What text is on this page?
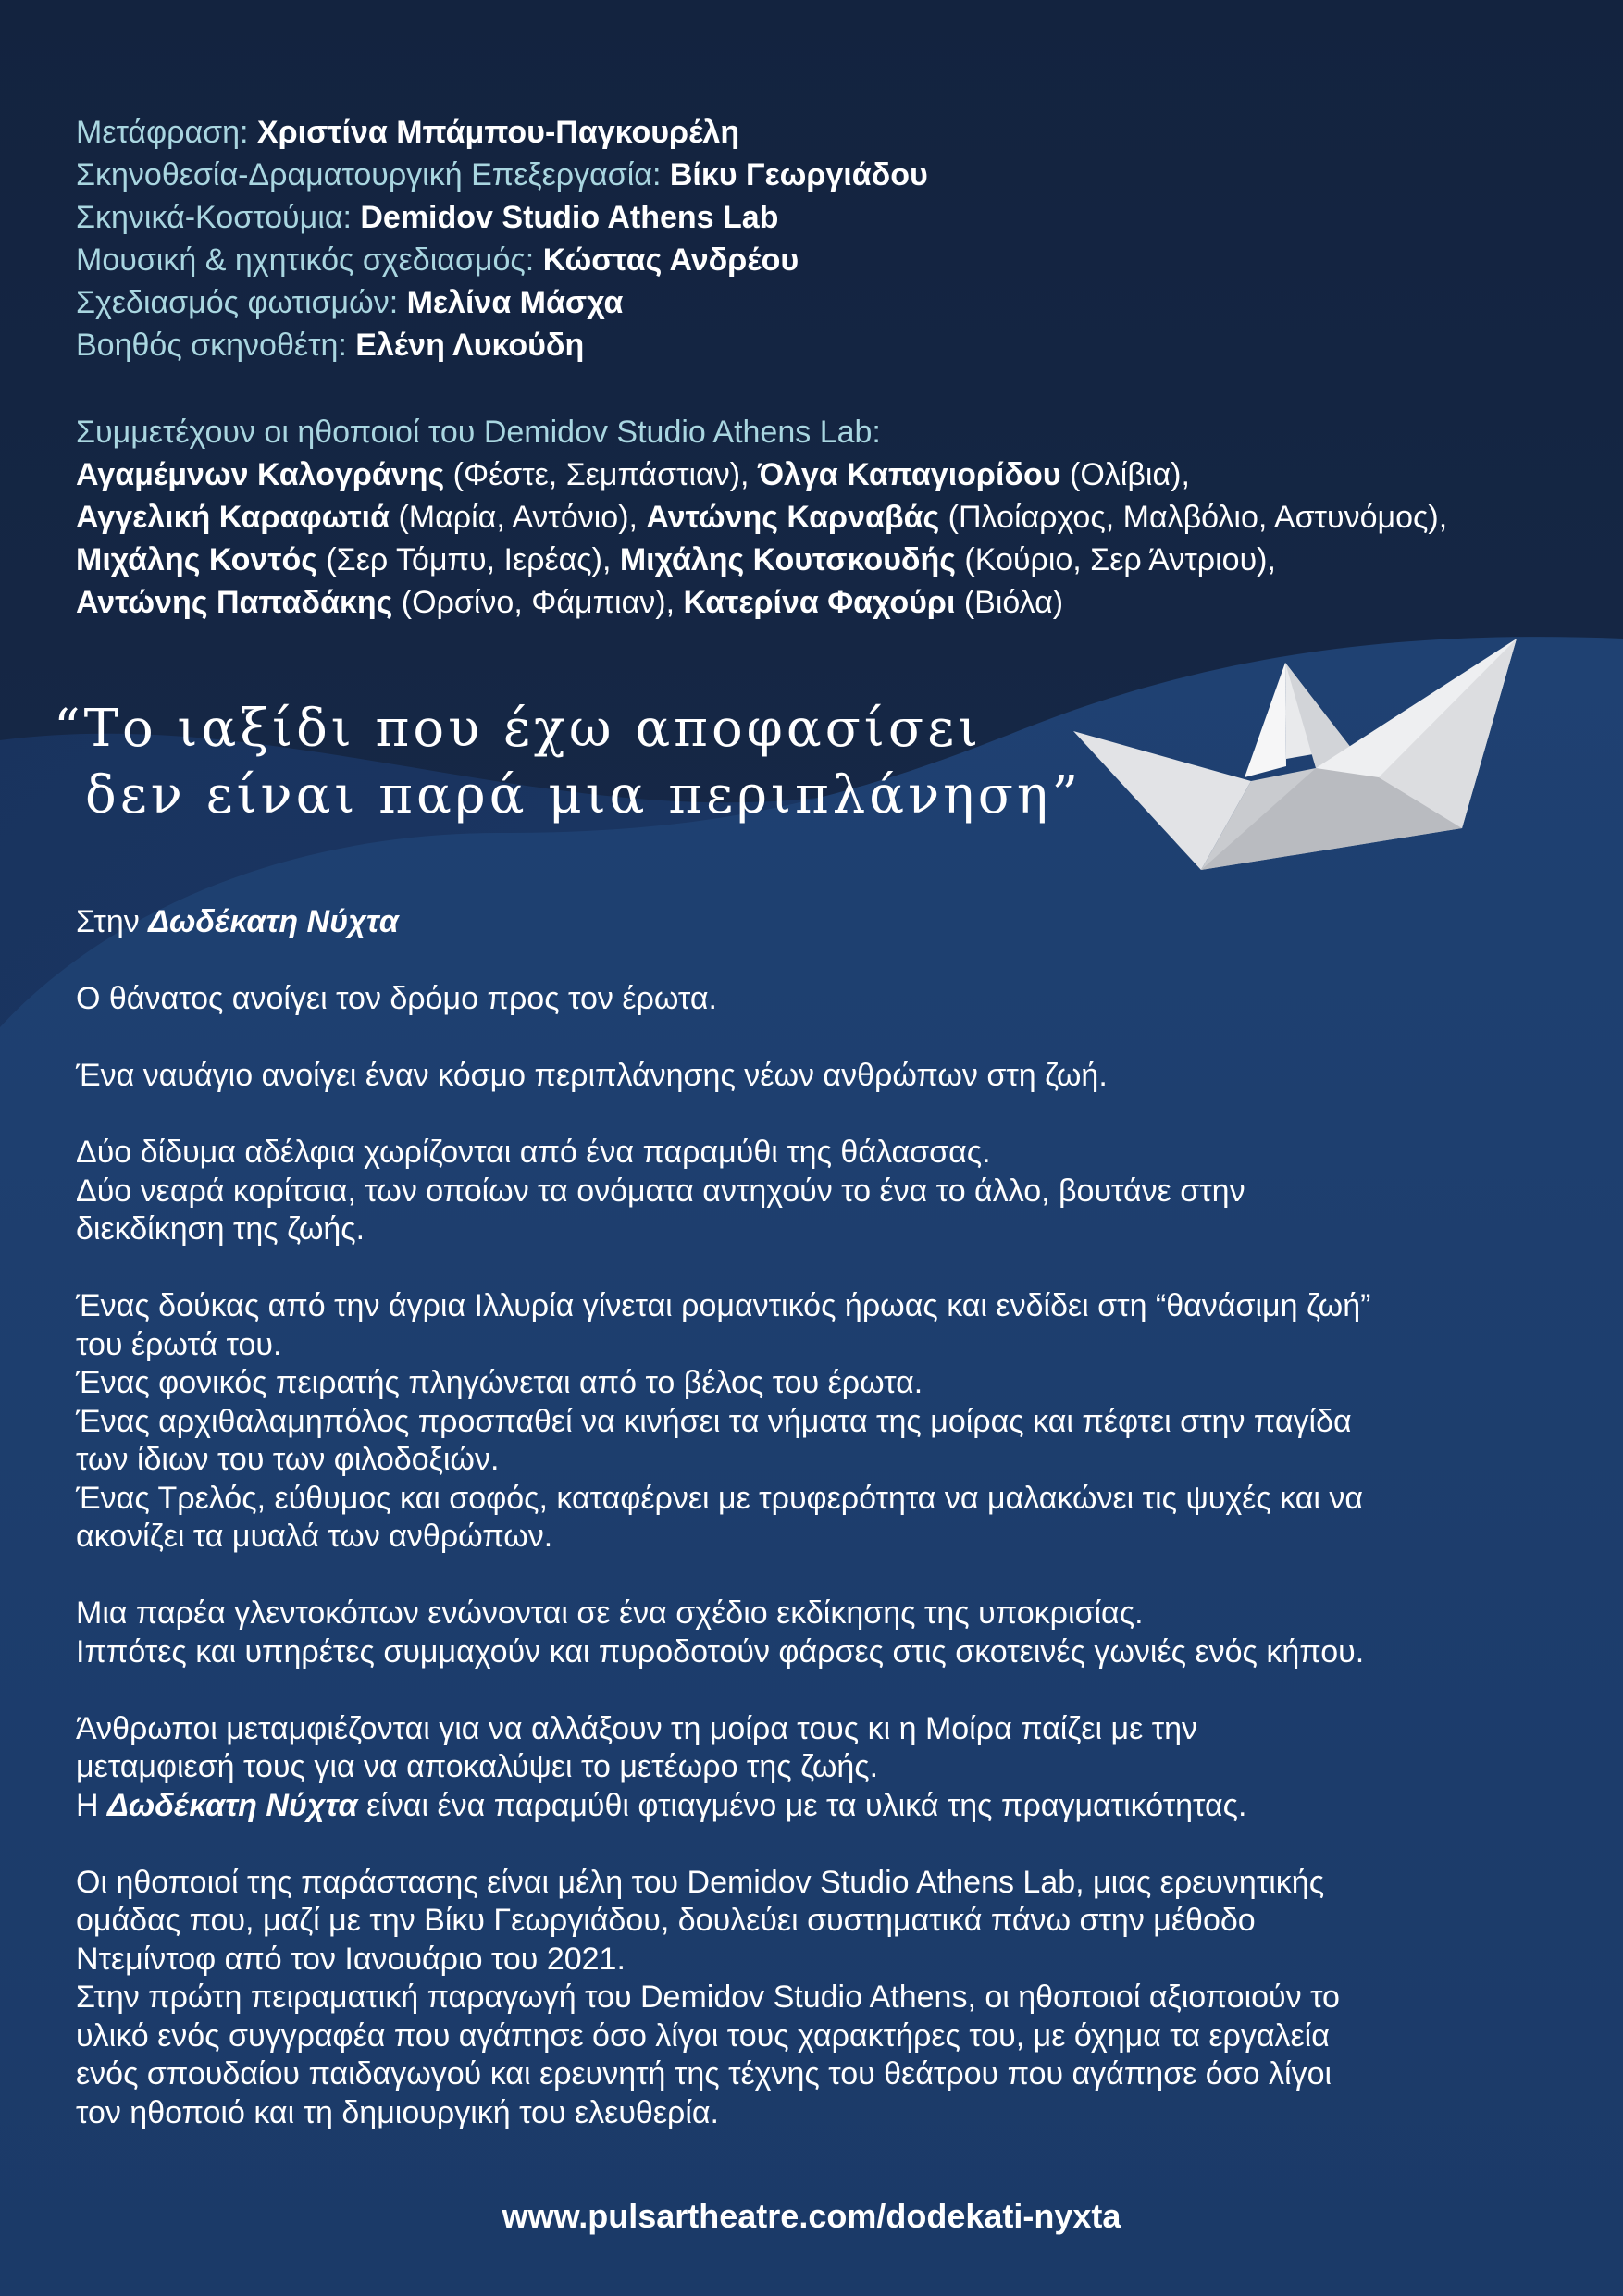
Μετάφραση: Χριστίνα Μπάμπου-Παγκουρέλη
Σκηνοθεσία-Δραματουργική Επεξεργασία: Βίκυ Γεωργιάδου
Σκηνικά-Κοστούμια: Demidov Studio Athens Lab
Μουσική & ηχητικός σχεδιασμός: Κώστας Ανδρέου
Σχεδιασμός φωτισμών: Μελίνα Μάσχα
Βοηθός σκηνοθέτη: Ελένη Λυκούδη
Συμμετέχουν οι ηθοποιοί του Demidov Studio Athens Lab:
Αγαμέμνων Καλογράνης (Φέστε, Σεμπάστιαν), Όλγα Καπαγιορίδου (Ολίβια),
Αγγελική Καραφωτιά (Μαρία, Αντόνιο), Αντώνης Καρναβάς (Πλοίαρχος, Μαλβόλιο, Αστυνόμος),
Μιχάλης Κοντός (Σερ Τόμπυ, Ιερέας), Μιχάλης Κουτσκουδής (Κούριο, Σερ Άντριου),
Αντώνης Παπαδάκης (Ορσίνο, Φάμπιαν), Κατερίνα Φαχούρι (Βιόλα)
“Το ιαξίδι που έχω αποφασίσει
δεν είναι παρά μια περιπλάνηση”

Στην Δωδέκατη Νύχτα

Ο θάνατος ανοίγει τον δρόμο προς τον έρωτα.

Ένα ναυάγιο ανοίγει έναν κόσμο περιπλάνησης νέων ανθρώπων στη ζωή.

Δύο δίδυμα αδέλφια χωρίζονται από ένα παραμύθι της θάλασσας.
Δύο νεαρά κορίτσια, των οποίων τα ονόματα αντηχούν το ένα το άλλο, βουτάνε στην
διεκδίκηση της ζωής.

Ένας δούκας από την άγρια Ιλλυρία γίνεται ρομαντικός ήρωας και ενδίδει στη “θανάσιμη ζωή”
του έρωτά του.
Ένας φονικός πειρατής πληγώνεται από το βέλος του έρωτα.
Ένας αρχιθαλαμηπόλος προσπαθεί να κινήσει τα νήματα της μοίρας και πέφτει στην παγίδα
των ίδιων του των φιλοδοξιών.
Ένας Τρελός, εύθυμος και σοφός, καταφέρνει με τρυφερότητα να μαλακώνει τις ψυχές και να
ακονίζει τα μυαλά των ανθρώπων.

Μια παρέα γλεντοκόπων ενώνονται σε ένα σχέδιο εκδίκησης της υποκρισίας.
Ιππότες και υπηρέτες συμμαχούν και πυροδοτούν φάρσες στις σκοτεινές γωνιές ενός κήπου.

Άνθρωποι μεταμφιέζονται για να αλλάξουν τη μοίρα τους κι η Μοίρα παίζει με την
μεταμφιεσή τους για να αποκαλύψει το μετέωρο της ζωής.
Η Δωδέκατη Νύχτα είναι ένα παραμύθι φτιαγμένο με τα υλικά της πραγματικότητας.

Οι ηθοποιοί της παράστασης είναι μέλη του Demidov Studio Athens Lab, μιας ερευνητικής
ομάδας που, μαζί με την Βίκυ Γεωργιάδου, δουλεύει συστηματικά πάνω στην μέθοδο
Ντεμίντοφ από τον Ιανουάριο του 2021.
Στην πρώτη πειραματική παραγωγή του Demidov Studio Athens, οι ηθοποιοί αξιοποιούν το
υλικό ενός συγγραφέα που αγάπησε όσο λίγοι τους χαρακτήρες του, με όχημα τα εργαλεία
ενός σπουδαίου παιδαγωγού και ερευνητή της τέχνης του θεάτρου που αγάπησε όσο λίγοι
τον ηθοποιό και τη δημιουργική του ελευθερία.

www.pulsartheatre.com/dodekati-nyxta
